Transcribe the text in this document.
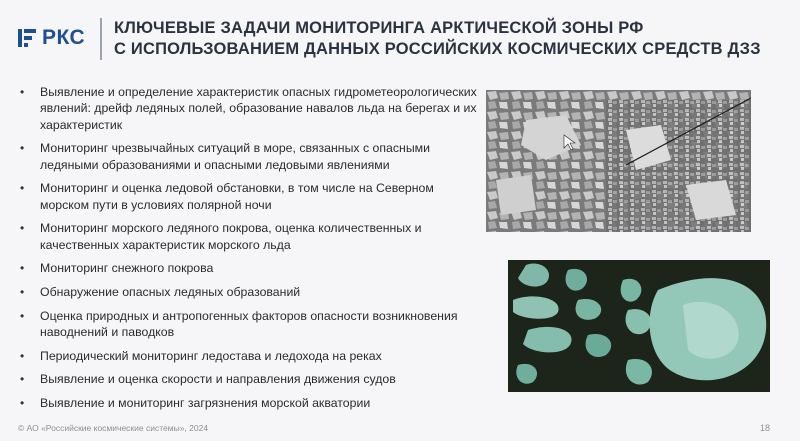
РКС КЛЮЧЕВЫЕ ЗАДАЧИ МОНИТОРИНГА АРКТИЧЕСКОЙ ЗОНЫ РФ
С ИСПОЛЬЗОВАНИЕМ ДАННЫХ РОССИЙСКИХ КОСМИЧЕСКИХ СРЕДСТВ ДЗЗ
•	Выявление и определение характеристик опасных гидрометеорологических явлений: дрейф ледяных полей, образование навалов льда на берегах и их характеристик
•	Мониторинг чрезвычайных ситуаций в море, связанных с опасными ледяными образованиями и опасными ледовыми явлениями
•	Мониторинг и оценка ледовой обстановки, в том числе на Северном морском пути в условиях полярной ночи
•	Мониторинг морского ледяного покрова, оценка количественных и качественных характеристик морского льда
•	Мониторинг снежного покрова
•	Обнаружение опасных ледяных образований
•	Оценка природных и антропогенных факторов опасности возникновения наводнений и паводков
•	Периодический мониторинг ледостава и ледохода на реках
•	Выявление и оценка скорости и направления движения судов
•	Выявление и мониторинг загрязнения морской акватории
© АО «Российские космические системы», 2024	18
